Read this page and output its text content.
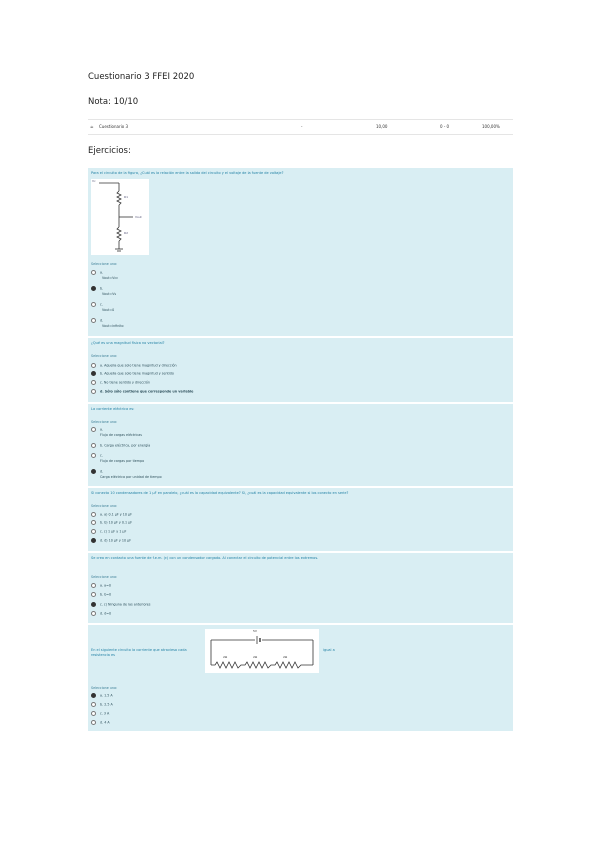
Cuestionario 3 FFEI 2020
Nota: 10/10
☕ Cuestionario 3	-	10,00	0 - 0	100,00%
Ejercicios:
Para el circuito de la figura, ¿Cuál es la relación entre la salida del circuito y el voltaje de la fuente de voltaje?
Vc
R1
Vout
R2
Seleccione una:
a.
Vout=Vcc
b.
Vout=Vs
c.
Vout=0
d.
Vout=infinito
¿Qué es una magnitud física no vectorial?
Seleccione una:
a. Aquella que solo tiene magnitud y dirección
b. Aquella que solo tiene magnitud y sentido
c. No tiene sentido y dirección
d. Sólo sólo contiene que corresponde un variable
La corriente eléctrica es:
Seleccione una:
a.
Flujo de cargas eléctricas
b. Carga eléctrica, por energía
c.
Flujo de cargas por tiempo
d.
Carga eléctrica por unidad de tiempo
Si conecto 10 condensadores de 1 µF en paralelo, ¿cuál es la capacidad equivalente? Si, ¿cuál es la capacidad equivalente si los conecto en serie?
Seleccione una:
a. a) 0.1 µF y 10 µF
b. b) 10 µF y 0.1 µF
c. c) 1 µF y 1 µF
d. d) 10 µF y 10 µF
Se crea en contacto una fuente de f.e.m. (ε) con un condensador cargado. Al conectar el circuito de potencial entre los extremos.
Seleccione una:
a. a=0
b. b=0
c. c) Ninguna de las anteriores
d. d=0
En el siguiente circuito la corriente que atraviesa cada resistencia es
5V
2Ω	2Ω	2Ω
igual a
Seleccione una:
a. 1.5 A
b. 2.5 A
c. 3 A
d. 4 A
